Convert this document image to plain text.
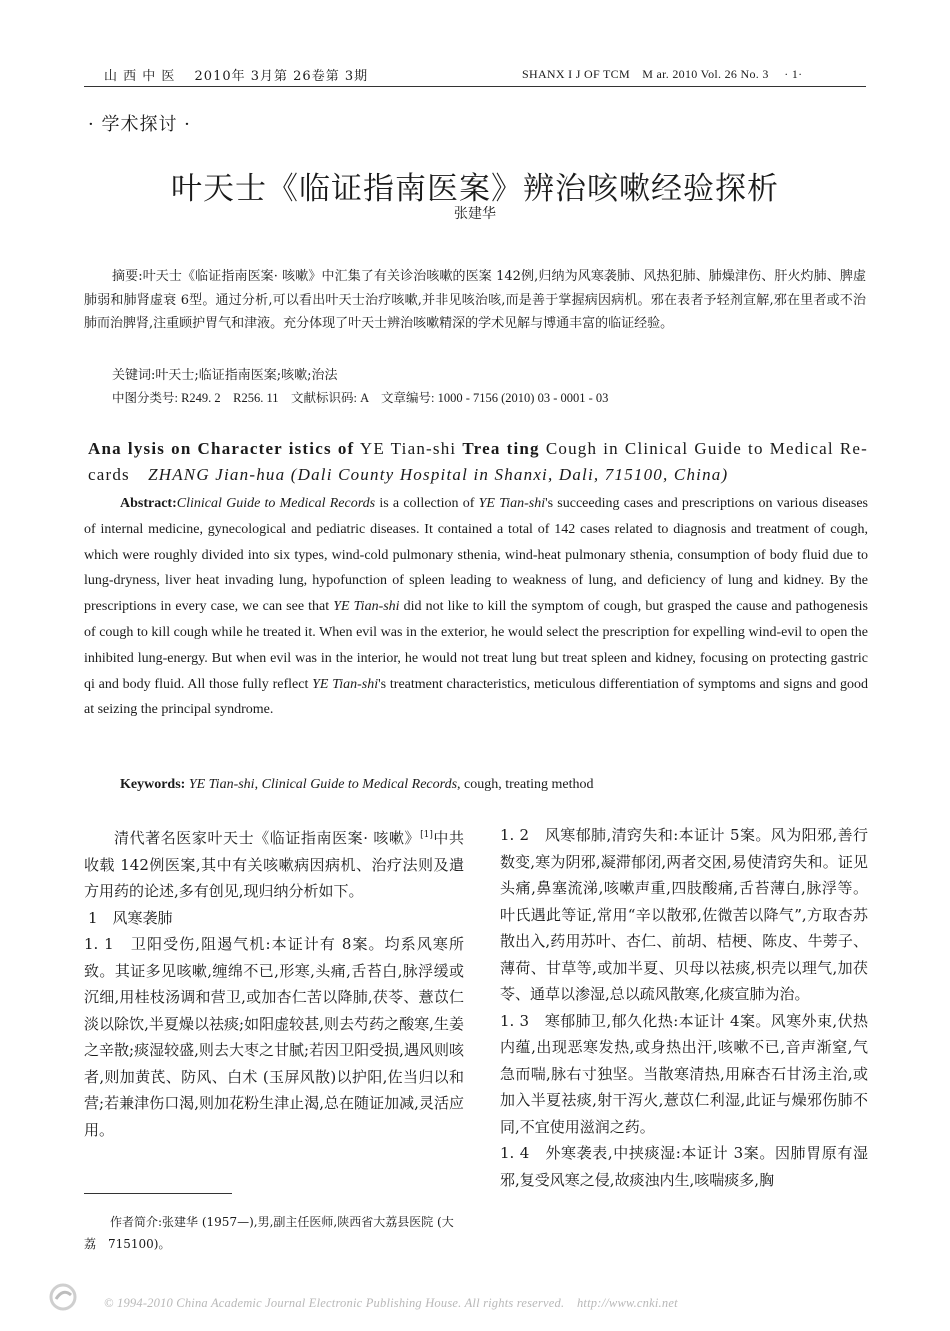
山 西 中 医　 2010年 3月第 26卷第 3期	SHANX I J OF TCM　M ar. 2010 Vol. 26 No. 3　 · 1·
· 学术探讨 ·
叶天士《临证指南医案》辨治咳嗽经验探析
张建华
摘要:叶天士《临证指南医案· 咳嗽》中汇集了有关诊治咳嗽的医案 142例,归纳为风寒袭肺、风热犯肺、肺燥津伤、肝火灼肺、脾虚肺弱和肺肾虚衰 6型。通过分析,可以看出叶天士治疗咳嗽,并非见咳治咳,而是善于掌握病因病机。邪在表者予轻剂宣解,邪在里者或不治肺而治脾肾,注重顾护胃气和津液。充分体现了叶天士辨治咳嗽精深的学术见解与博通丰富的临证经验。
关键词:叶天士;临证指南医案;咳嗽;治法
中图分类号: R249. 2　R256. 11　文献标识码: A　文章编号: 1000 - 7156 (2010) 03 - 0001 - 03
Ana lysis on Character istics of YE Tian-shi Trea ting Cough in Clinical Guide to Medical Re-cards　ZHANG Jian-hua (Dali County Hospital in Shanxi, Dali, 715100, China)
Abstract:Clinical Guide to Medical Records is a collection of YE Tian-shi's succeeding cases and prescriptions on various diseases of internal medicine, gynecological and pediatric diseases. It contained a total of 142 cases related to diagnosis and treatment of cough, which were roughly divided into six types, wind-cold pulmonary sthenia, wind-heat pulmonary sthenia, consumption of body fluid due to lung-dryness, liver heat invading lung, hypofunction of spleen leading to weakness of lung, and deficiency of lung and kidney. By the prescriptions in every case, we can see that YE Tian-shi did not like to kill the symptom of cough, but grasped the cause and pathogenesis of cough to kill cough while he treated it. When evil was in the exterior, he would select the prescription for expelling wind-evil to open the inhibited lung-energy. But when evil was in the interior, he would not treat lung but treat spleen and kidney, focusing on protecting gastric qi and body fluid. All those fully reflect YE Tian-shi's treatment characteristics, meticulous differentiation of symptoms and signs and good at seizing the principal syndrome.
Keywords: YE Tian-shi, Clinical Guide to Medical Records, cough, treating method

清代著名医家叶天士《临证指南医案· 咳嗽》[1]中共收载 142例医案,其中有关咳嗽病因病机、治疗法则及遣方用药的论述,多有创见,现归纳分析如下。

1　风寒袭肺

1. 1　卫阳受伤,阻遏气机:本证计有 8案。均系风寒所致。其证多见咳嗽,缠绵不已,形寒,头痛,舌苔白,脉浮缓或沉细,用桂枝汤调和营卫,或加杏仁苦以降肺,茯苓、薏苡仁淡以除饮,半夏燥以祛痰;如阳虚较甚,则去芍药之酸寒,生姜之辛散;痰湿较盛,则去大枣之甘腻;若因卫阳受损,遇风则咳者,则加黄芪、防风、白术 (玉屏风散)以护阳,佐当归以和营;若兼津伤口渴,则加花粉生津止渴,总在随证加减,灵活应用。

1. 2　风寒郁肺,清窍失和:本证计 5案。风为阳邪,善行数变,寒为阴邪,凝滞郁闭,两者交困,易使清窍失和。证见头痛,鼻塞流涕,咳嗽声重,四肢酸痛,舌苔薄白,脉浮等。叶氏遇此等证,常用“辛以散邪,佐微苦以降气”,方取杏苏散出入,药用苏叶、杏仁、前胡、桔梗、陈皮、牛蒡子、薄荷、甘草等,或加半夏、贝母以祛痰,枳壳以理气,加茯苓、通草以渗湿,总以疏风散寒,化痰宣肺为治。

1. 3　寒郁肺卫,郁久化热:本证计 4案。风寒外束,伏热内蕴,出现恶寒发热,或身热出汗,咳嗽不已,音声渐窒,气急而喘,脉右寸独坚。当散寒清热,用麻杏石甘汤主治,或加入半夏祛痰,射干泻火,薏苡仁利湿,此证与燥邪伤肺不同,不宜使用滋润之药。

1. 4　外寒袭表,中挟痰湿:本证计 3案。因肺胃原有湿邪,复受风寒之侵,故痰浊内生,咳喘痰多,胸

作者简介:张建华 (1957—),男,副主任医师,陕西省大荔县医院 (大荔　715100)。
© 1994-2010 China Academic Journal Electronic Publishing House. All rights reserved.　http://www.cnki.net
